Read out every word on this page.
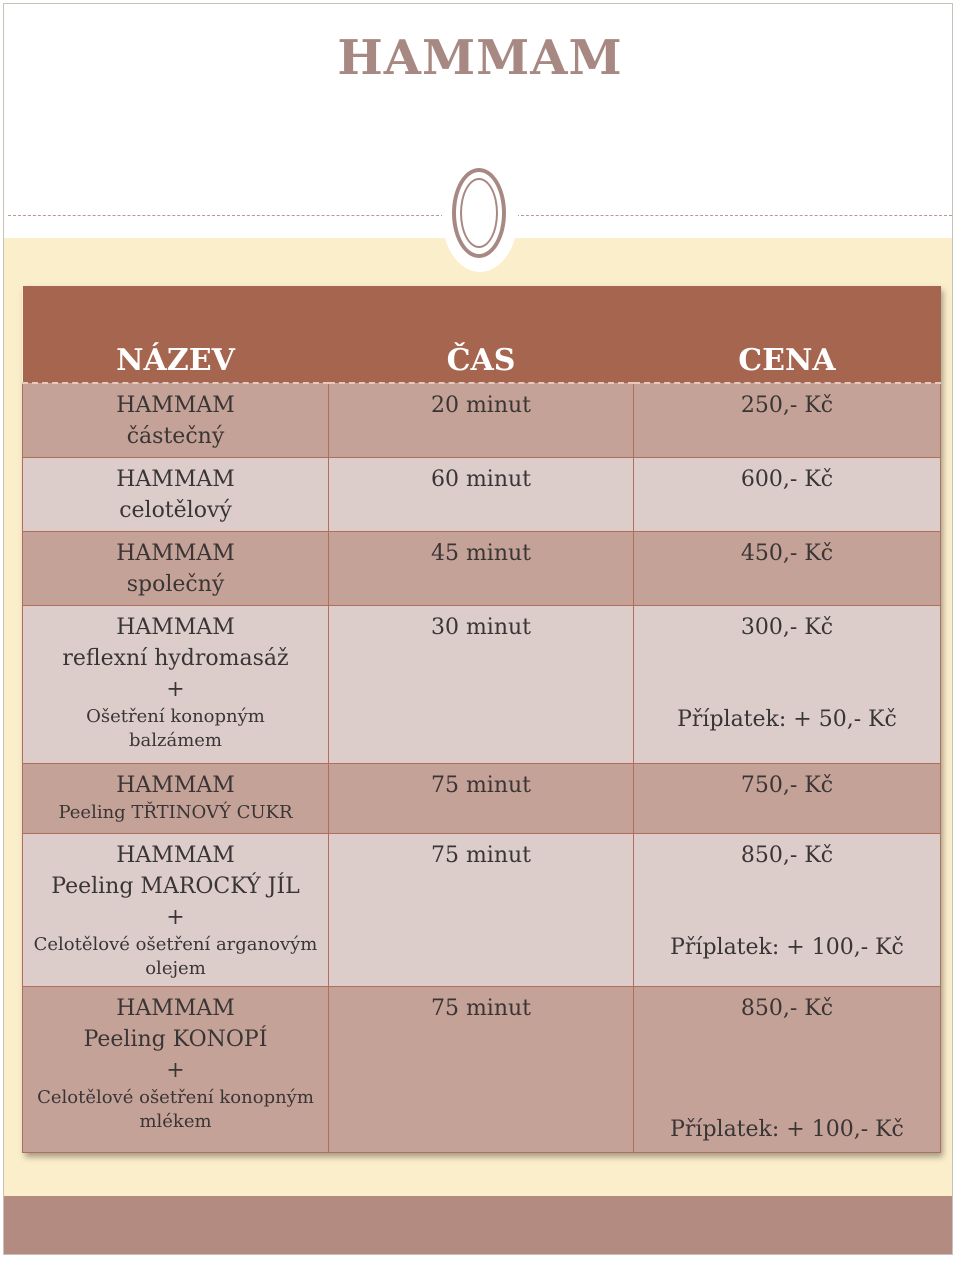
HAMMAM
NÁZEV	ČAS	CENA

HAMMAM
částečný	20 minut	250,- Kč

HAMMAM
celotělový	60 minut	600,- Kč

HAMMAM
společný	45 minut	450,- Kč

HAMMAM
reflexní hydromasáž
+
Ošetření konopným
balzámem	30 minut	300,- Kč
Příplatek: + 50,- Kč

HAMMAM
Peeling TŘTINOVÝ CUKR	75 minut	750,- Kč

HAMMAM
Peeling MAROCKÝ JÍL
+
Celotělové ošetření arganovým
olejem	75 minut	850,- Kč
Příplatek: + 100,- Kč

HAMMAM
Peeling KONOPÍ
+
Celotělové ošetření konopným
mlékem	75 minut	850,- Kč
Příplatek: + 100,- Kč
